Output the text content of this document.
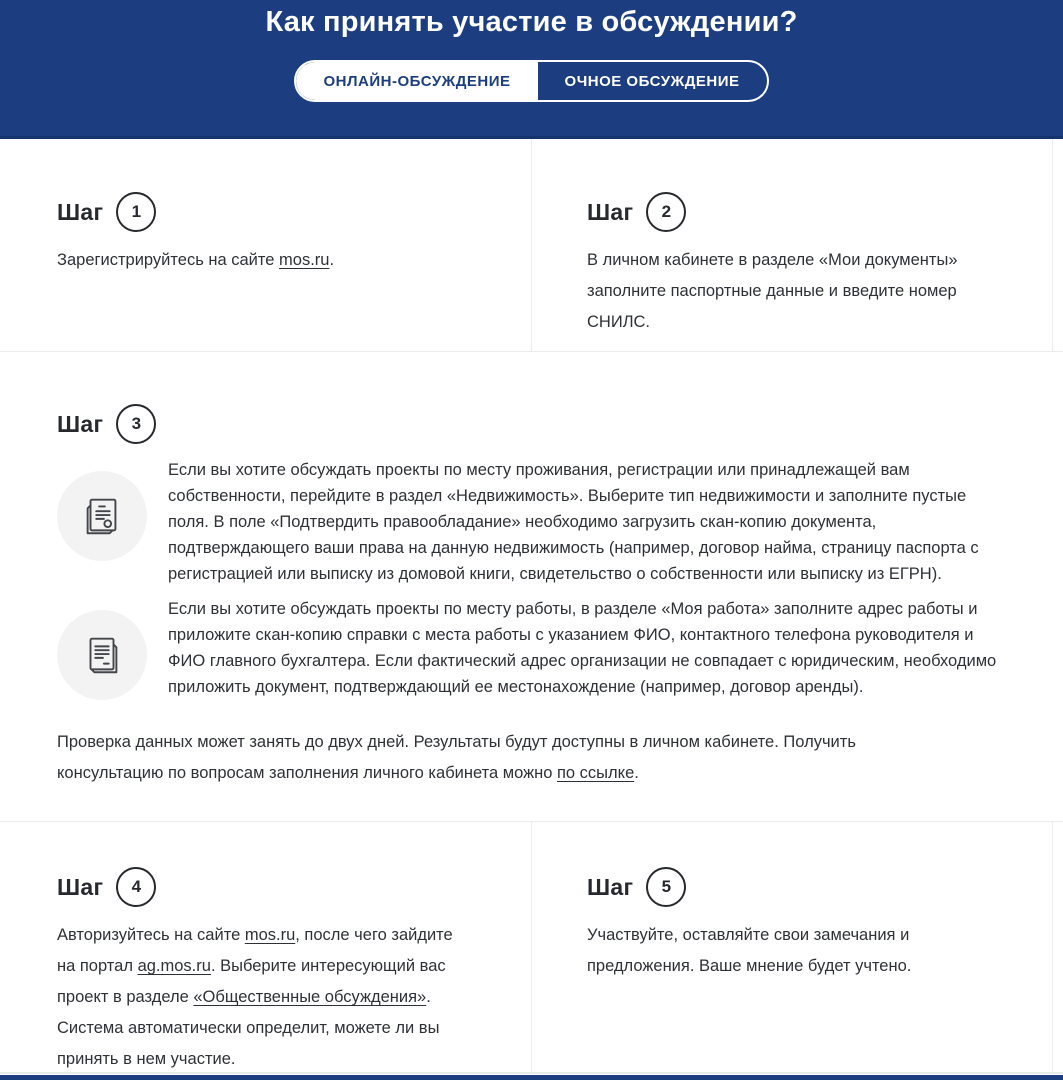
Как принять участие в обсуждении?
ОНЛАЙН-ОБСУЖДЕНИЕ	ОЧНОЕ ОБСУЖДЕНИЕ
Шаг	1

Зарегистрируйтесь на сайте mos.ru.

Шаг	2

В личном кабинете в разделе «Мои документы» заполните паспортные данные и введите номер СНИЛС.

Шаг	3

Если вы хотите обсуждать проекты по месту проживания, регистрации или принадлежащей вам собственности, перейдите в раздел «Недвижимость». Выберите тип недвижимости и заполните пустые поля. В поле «Подтвердить правообладание» необходимо загрузить скан-копию документа, подтверждающего ваши права на данную недвижимость (например, договор найма, страницу паспорта с регистрацией или выписку из домовой книги, свидетельство о собственности или выписку из ЕГРН).

Если вы хотите обсуждать проекты по месту работы, в разделе «Моя работа» заполните адрес работы и приложите скан-копию справки с места работы с указанием ФИО, контактного телефона руководителя и ФИО главного бухгалтера. Если фактический адрес организации не совпадает с юридическим, необходимо приложить документ, подтверждающий ее местонахождение (например, договор аренды).

Проверка данных может занять до двух дней. Результаты будут доступны в личном кабинете. Получить консультацию по вопросам заполнения личного кабинета можно по ссылке.

Шаг	4

Авторизуйтесь на сайте mos.ru, после чего зайдите на портал ag.mos.ru. Выберите интересующий вас проект в разделе «Общественные обсуждения». Система автоматически определит, можете ли вы принять в нем участие.

Шаг	5

Участвуйте, оставляйте свои замечания и предложения. Ваше мнение будет учтено.
